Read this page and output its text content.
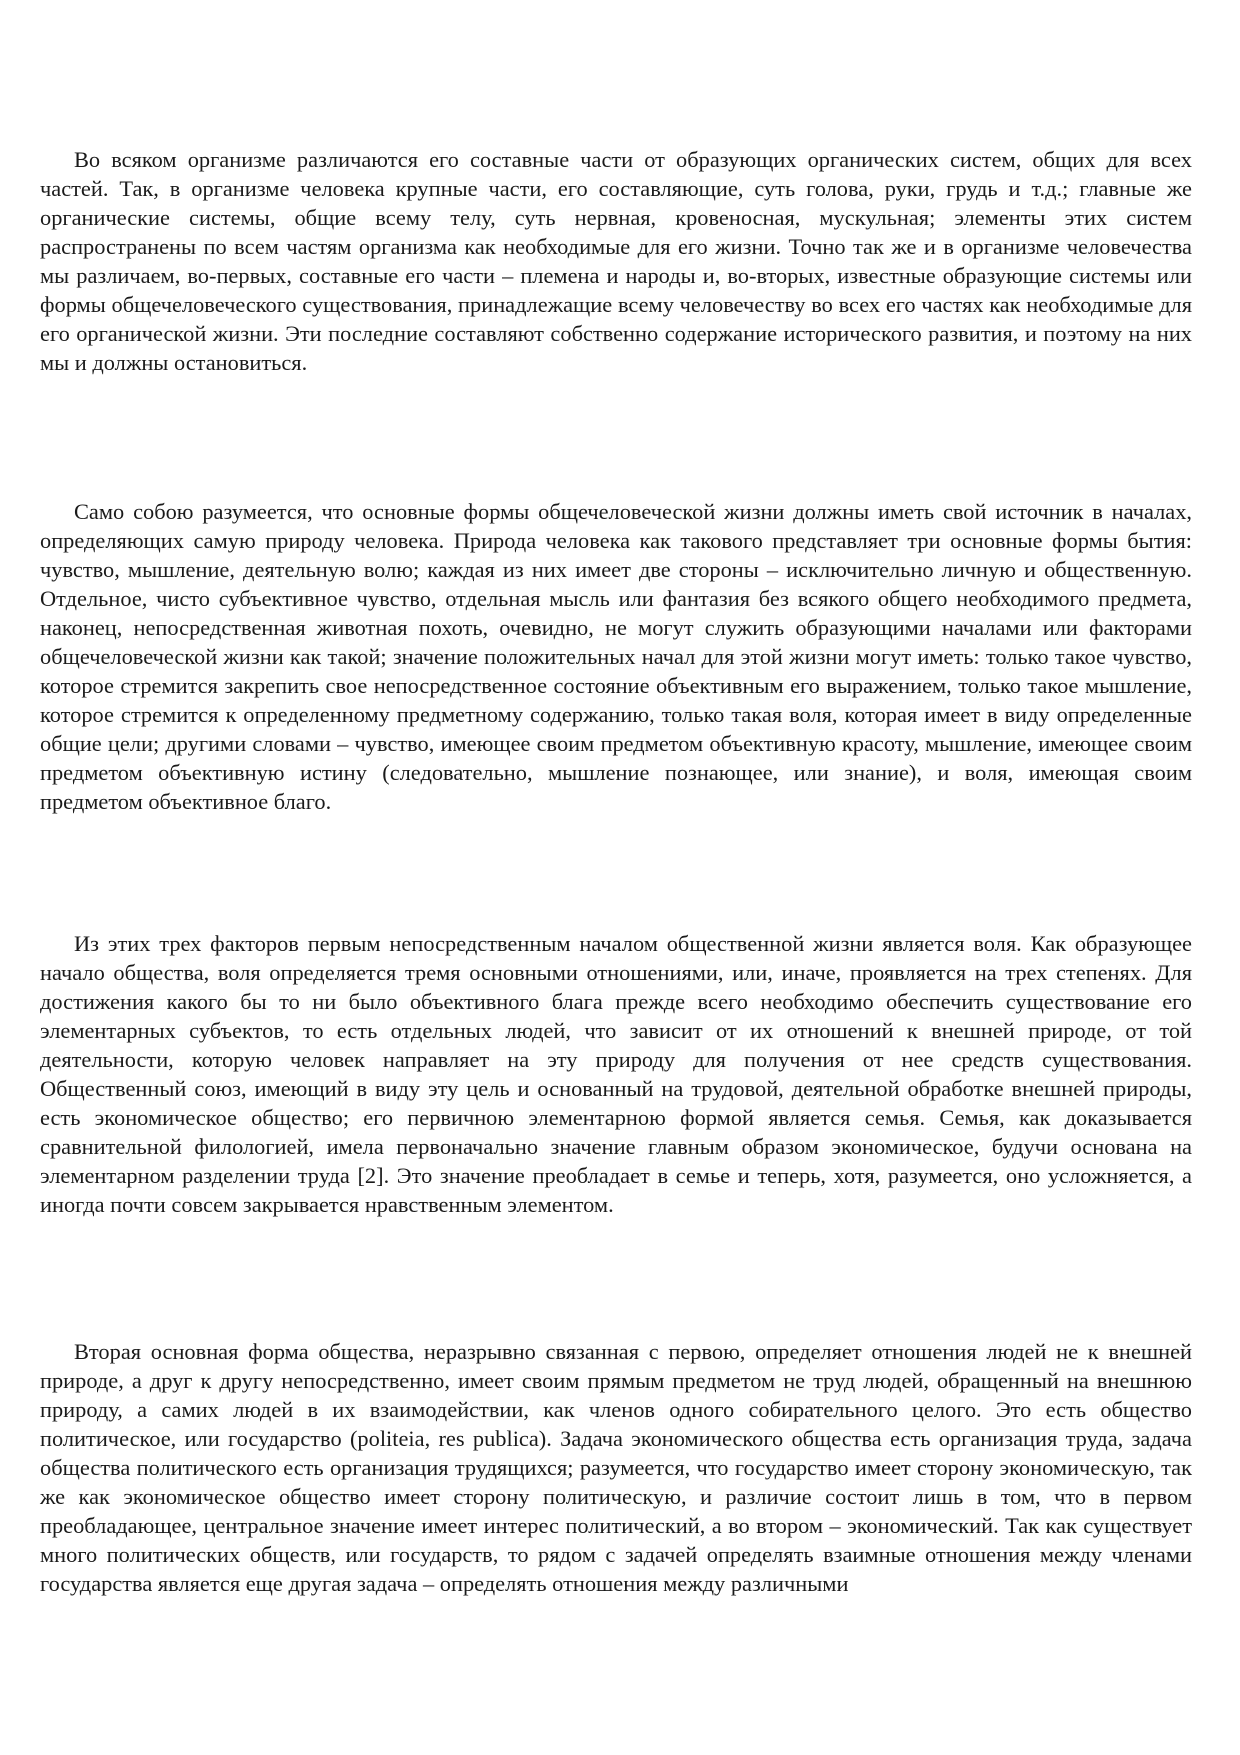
Во всяком организме различаются его составные части от образующих органических систем, общих для всех частей. Так, в организме человека крупные части, его составляющие, суть голова, руки, грудь и т.д.; главные же органические системы, общие всему телу, суть нервная, кровеносная, мускульная; элементы этих систем распространены по всем частям организма как необходимые для его жизни. Точно так же и в организме человечества мы различаем, во-первых, составные его части – племена и народы и, во-вторых, известные образующие системы или формы общечеловеческого существования, принадлежащие всему человечеству во всех его частях как необходимые для его органической жизни. Эти последние составляют собственно содержание исторического развития, и поэтому на них мы и должны остановиться.

Само собою разумеется, что основные формы общечеловеческой жизни должны иметь свой источник в началах, определяющих самую природу человека. Природа человека как такового представляет три основные формы бытия: чувство, мышление, деятельную волю; каждая из них имеет две стороны – исключительно личную и общественную. Отдельное, чисто субъективное чувство, отдельная мысль или фантазия без всякого общего необходимого предмета, наконец, непосредственная животная похоть, очевидно, не могут служить образующими началами или факторами общечеловеческой жизни как такой; значение положительных начал для этой жизни могут иметь: только такое чувство, которое стремится закрепить свое непосредственное состояние объективным его выражением, только такое мышление, которое стремится к определенному предметному содержанию, только такая воля, которая имеет в виду определенные общие цели; другими словами – чувство, имеющее своим предметом объективную красоту, мышление, имеющее своим предметом объективную истину (следовательно, мышление познающее, или знание), и воля, имеющая своим предметом объективное благо.

Из этих трех факторов первым непосредственным началом общественной жизни является воля. Как образующее начало общества, воля определяется тремя основными отношениями, или, иначе, проявляется на трех степенях. Для достижения какого бы то ни было объективного блага прежде всего необходимо обеспечить существование его элементарных субъектов, то есть отдельных людей, что зависит от их отношений к внешней природе, от той деятельности, которую человек направляет на эту природу для получения от нее средств существования. Общественный союз, имеющий в виду эту цель и основанный на трудовой, деятельной обработке внешней природы, есть экономическое общество; его первичною элементарною формой является семья. Семья, как доказывается сравнительной филологией, имела первоначально значение главным образом экономическое, будучи основана на элементарном разделении труда [2]. Это значение преобладает в семье и теперь, хотя, разумеется, оно усложняется, а иногда почти совсем закрывается нравственным элементом.

Вторая основная форма общества, неразрывно связанная с первою, определяет отношения людей не к внешней природе, а друг к другу непосредственно, имеет своим прямым предметом не труд людей, обращенный на внешнюю природу, а самих людей в их взаимодействии, как членов одного собирательного целого. Это есть общество политическое, или государство (politeia, res publica). Задача экономического общества есть организация труда, задача общества политического есть организация трудящихся; разумеется, что государство имеет сторону экономическую, так же как экономическое общество имеет сторону политическую, и различие состоит лишь в том, что в первом преобладающее, центральное значение имеет интерес политический, а во втором – экономический. Так как существует много политических обществ, или государств, то рядом с задачей определять взаимные отношения между членами государства является еще другая задача – определять отношения между различными
